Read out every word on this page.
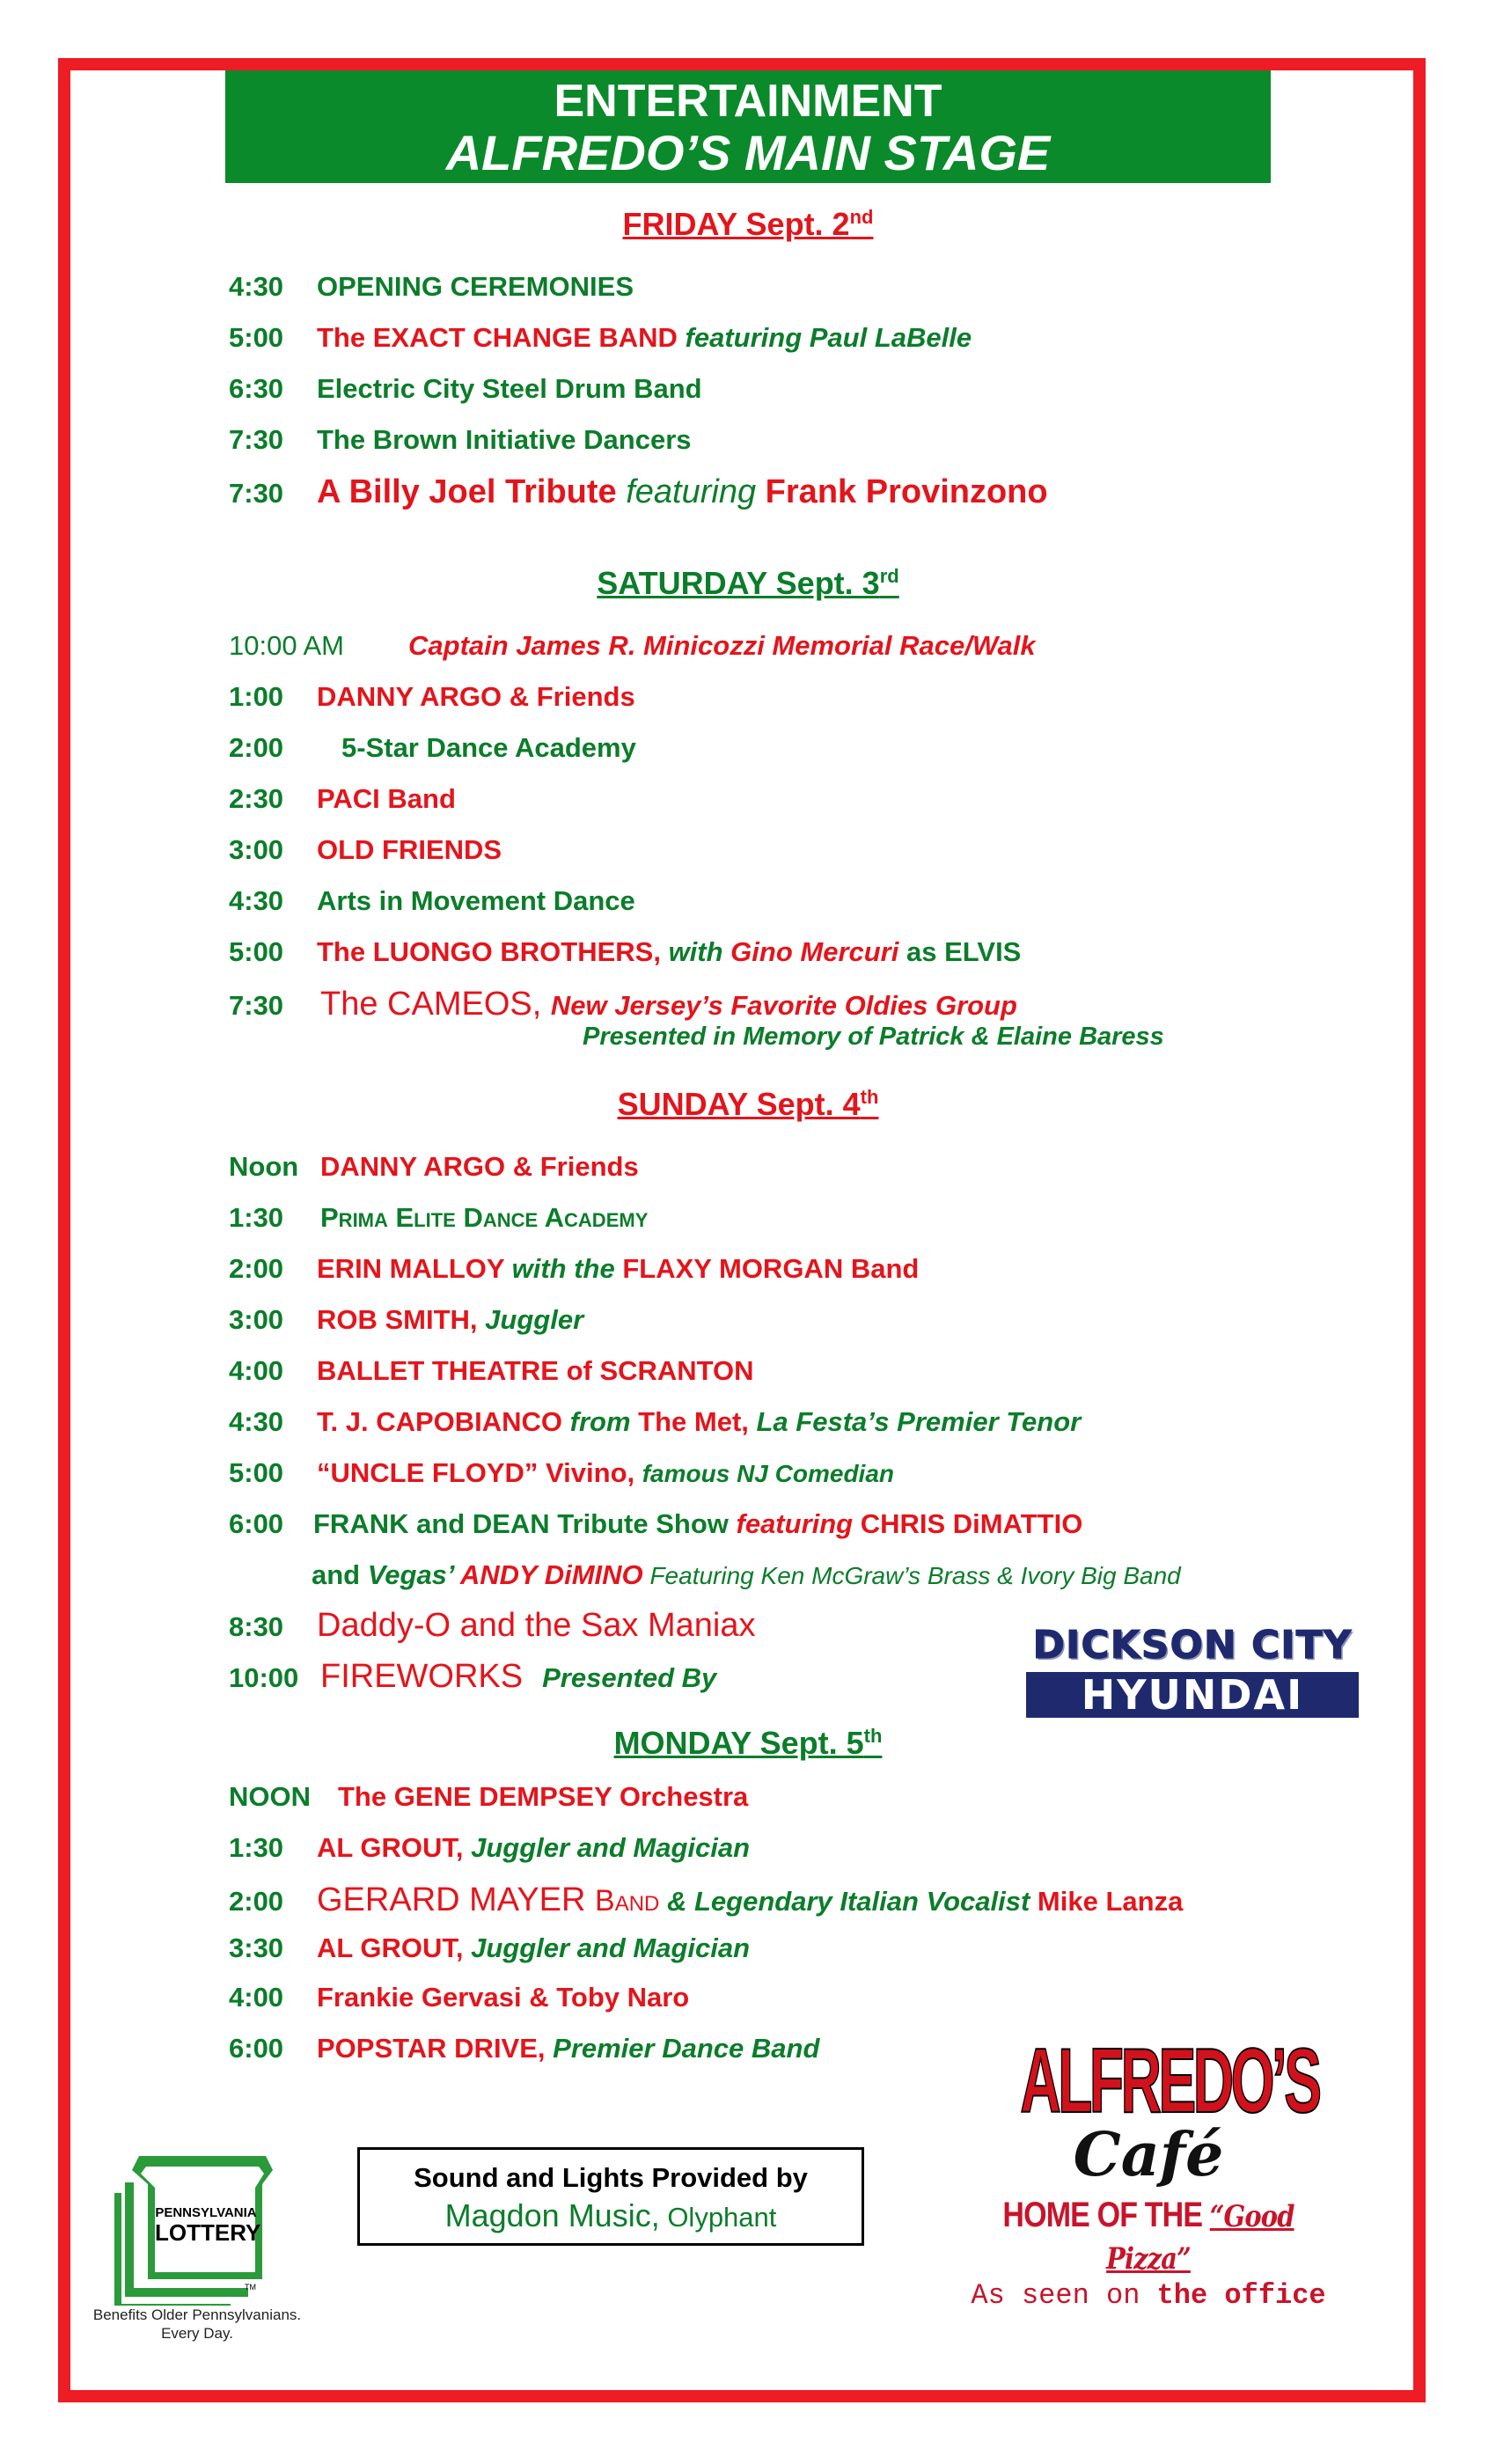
ENTERTAINMENT
ALFREDO’S MAIN STAGE
FRIDAY Sept. 2nd
4:30 OPENING CEREMONIES
5:00 The EXACT CHANGE BAND featuring Paul LaBelle
6:30 Electric City Steel Drum Band
7:30 The Brown Initiative Dancers
7:30 A Billy Joel Tribute featuring Frank Provinzono
SATURDAY Sept. 3rd
10:00 AM Captain James R. Minicozzi Memorial Race/Walk
1:00 DANNY ARGO & Friends
2:00 5-Star Dance Academy
2:30 PACI Band
3:00 OLD FRIENDS
4:30 Arts in Movement Dance
5:00 The LUONGO BROTHERS, with Gino Mercuri as ELVIS
7:30 The CAMEOS, New Jersey’s Favorite Oldies Group
Presented in Memory of Patrick & Elaine Baress
SUNDAY Sept. 4th
Noon DANNY ARGO & Friends
1:30 Prima Elite Dance Academy
2:00 ERIN MALLOY with the FLAXY MORGAN Band
3:00 ROB SMITH, Juggler
4:00 BALLET THEATRE of SCRANTON
4:30 T. J. CAPOBIANCO from The Met, La Festa’s Premier Tenor
5:00 “UNCLE FLOYD” Vivino, famous NJ Comedian
6:00 FRANK and DEAN Tribute Show featuring CHRIS DiMATTIO
and Vegas’ ANDY DiMINO Featuring Ken McGraw’s Brass & Ivory Big Band
8:30 Daddy-O and the Sax Maniax
10:00 FIREWORKS Presented By
DICKSON CITY
HYUNDAI
MONDAY Sept. 5th
NOON The GENE DEMPSEY Orchestra
1:30 AL GROUT, Juggler and Magician
2:00 GERARD MAYER Band & Legendary Italian Vocalist Mike Lanza
3:30 AL GROUT, Juggler and Magician
4:00 Frankie Gervasi & Toby Naro
6:00 POPSTAR DRIVE, Premier Dance Band
PENNSYLVANIA
LOTTERY
TM
Benefits Older Pennsylvanians.
Every Day.
Sound and Lights Provided by
Magdon Music, Olyphant
ALFREDO’S
Café
HOME OF THE “Good Pizza”
As seen on the office
